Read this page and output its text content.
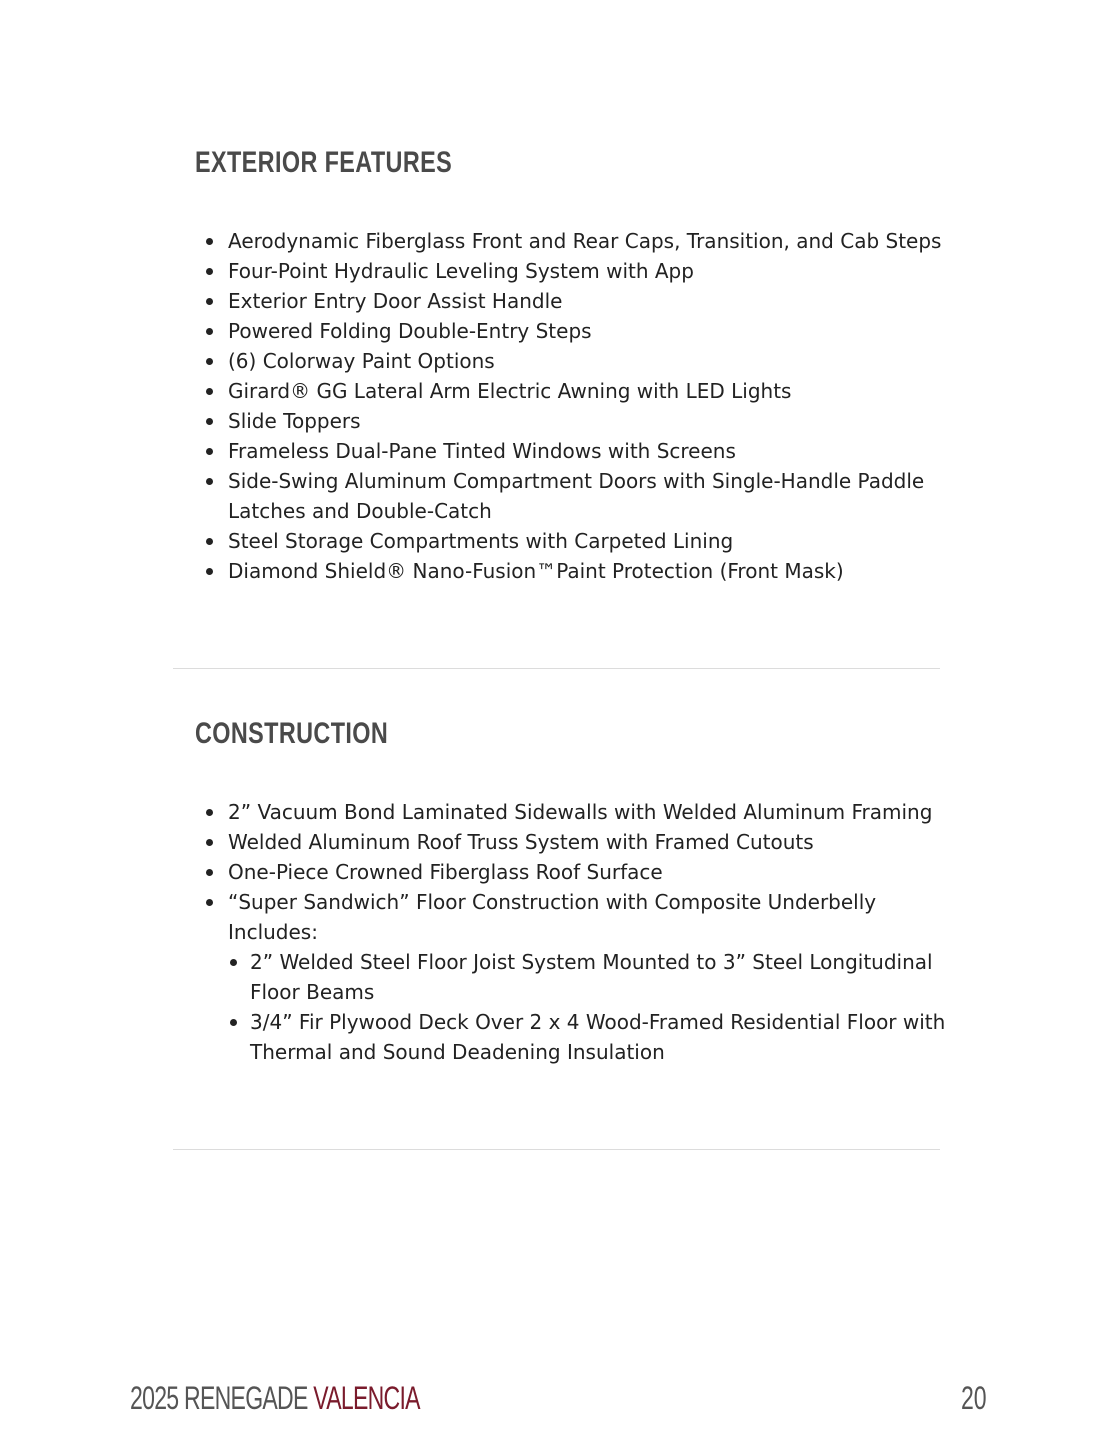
EXTERIOR FEATURES
Aerodynamic Fiberglass Front and Rear Caps, Transition, and Cab Steps
Four-Point Hydraulic Leveling System with App
Exterior Entry Door Assist Handle
Powered Folding Double-Entry Steps
(6) Colorway Paint Options
Girard® GG Lateral Arm Electric Awning with LED Lights
Slide Toppers
Frameless Dual-Pane Tinted Windows with Screens
Side-Swing Aluminum Compartment Doors with Single-Handle Paddle Latches and Double-Catch
Steel Storage Compartments with Carpeted Lining
Diamond Shield® Nano-Fusion™Paint Protection (Front Mask)
CONSTRUCTION
2” Vacuum Bond Laminated Sidewalls with Welded Aluminum Framing
Welded Aluminum Roof Truss System with Framed Cutouts
One-Piece Crowned Fiberglass Roof Surface
“Super Sandwich” Floor Construction with Composite Underbelly Includes:
2” Welded Steel Floor Joist System Mounted to 3” Steel Longitudinal Floor Beams
3/4” Fir Plywood Deck Over 2 x 4 Wood-Framed Residential Floor with Thermal and Sound Deadening Insulation
2025 RENEGADE VALENCIA	20
